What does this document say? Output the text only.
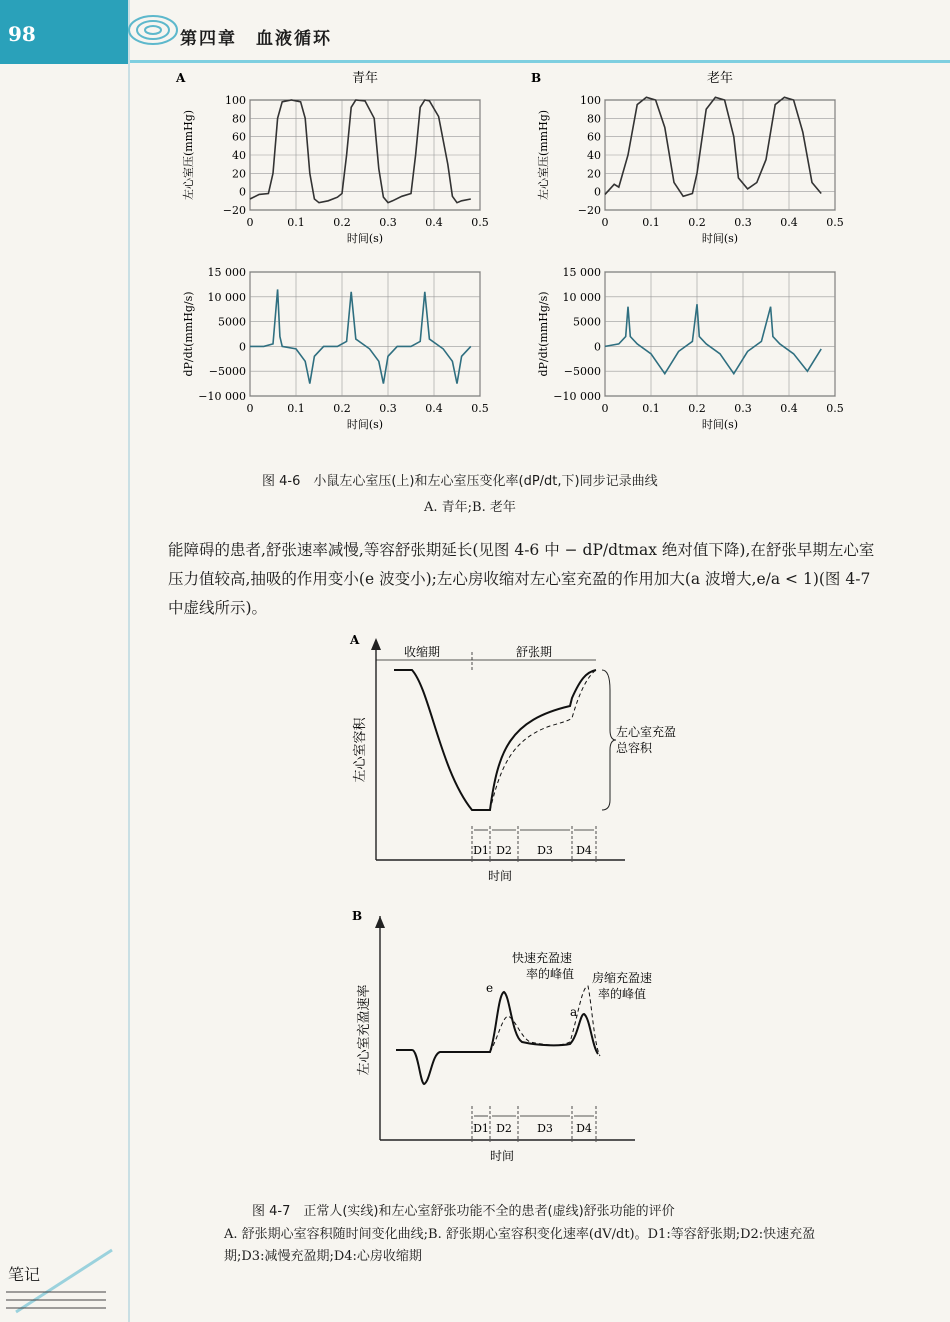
98	第四章　血液循环
100
80
60
40
20
0
−20
0	0.1	0.2	0.3	0.4	0.5
时间(s)
左心室压(mmHg)
A	青年
100
80
60
40
20
0
−20
0	0.1	0.2	0.3	0.4	0.5
时间(s)
左心室压(mmHg)
B	老年
15 000
10 000
5000
0
−5000
−10 000
0	0.1	0.2	0.3	0.4	0.5
时间(s)
dP/dt(mmHg/s)
15 000
10 000
5000
0
−5000
−10 000
0	0.1	0.2	0.3	0.4	0.5
时间(s)
dP/dt(mmHg/s)
图 4-6　小鼠左心室压(上)和左心室压变化率(dP/dt,下)同步记录曲线
A. 青年;B. 老年
能障碍的患者,舒张速率减慢,等容舒张期延长(见图 4-6 中 − dP/dtmax 绝对值下降),在舒张早期左心室压力值较高,抽吸的作用变小(e 波变小);左心房收缩对左心室充盈的作用加大(a 波增大,e/a < 1)(图 4-7 中虚线所示)。
A
左心室容积
收缩期	舒张期
左心室充盈
总容积
D1 D2 D3 D4
时间
B
左心室充盈速率	e
a
快速充盈速
率的峰值 房缩充盈速
率的峰值
D1 D2 D3 D4
时间
图 4-7　正常人(实线)和左心室舒张功能不全的患者(虚线)舒张功能的评价
A. 舒张期心室容积随时间变化曲线;B. 舒张期心室容积变化速率(dV/dt)。D1:等容舒张期;D2:快速充盈期;D3:减慢充盈期;D4:心房收缩期
笔记
